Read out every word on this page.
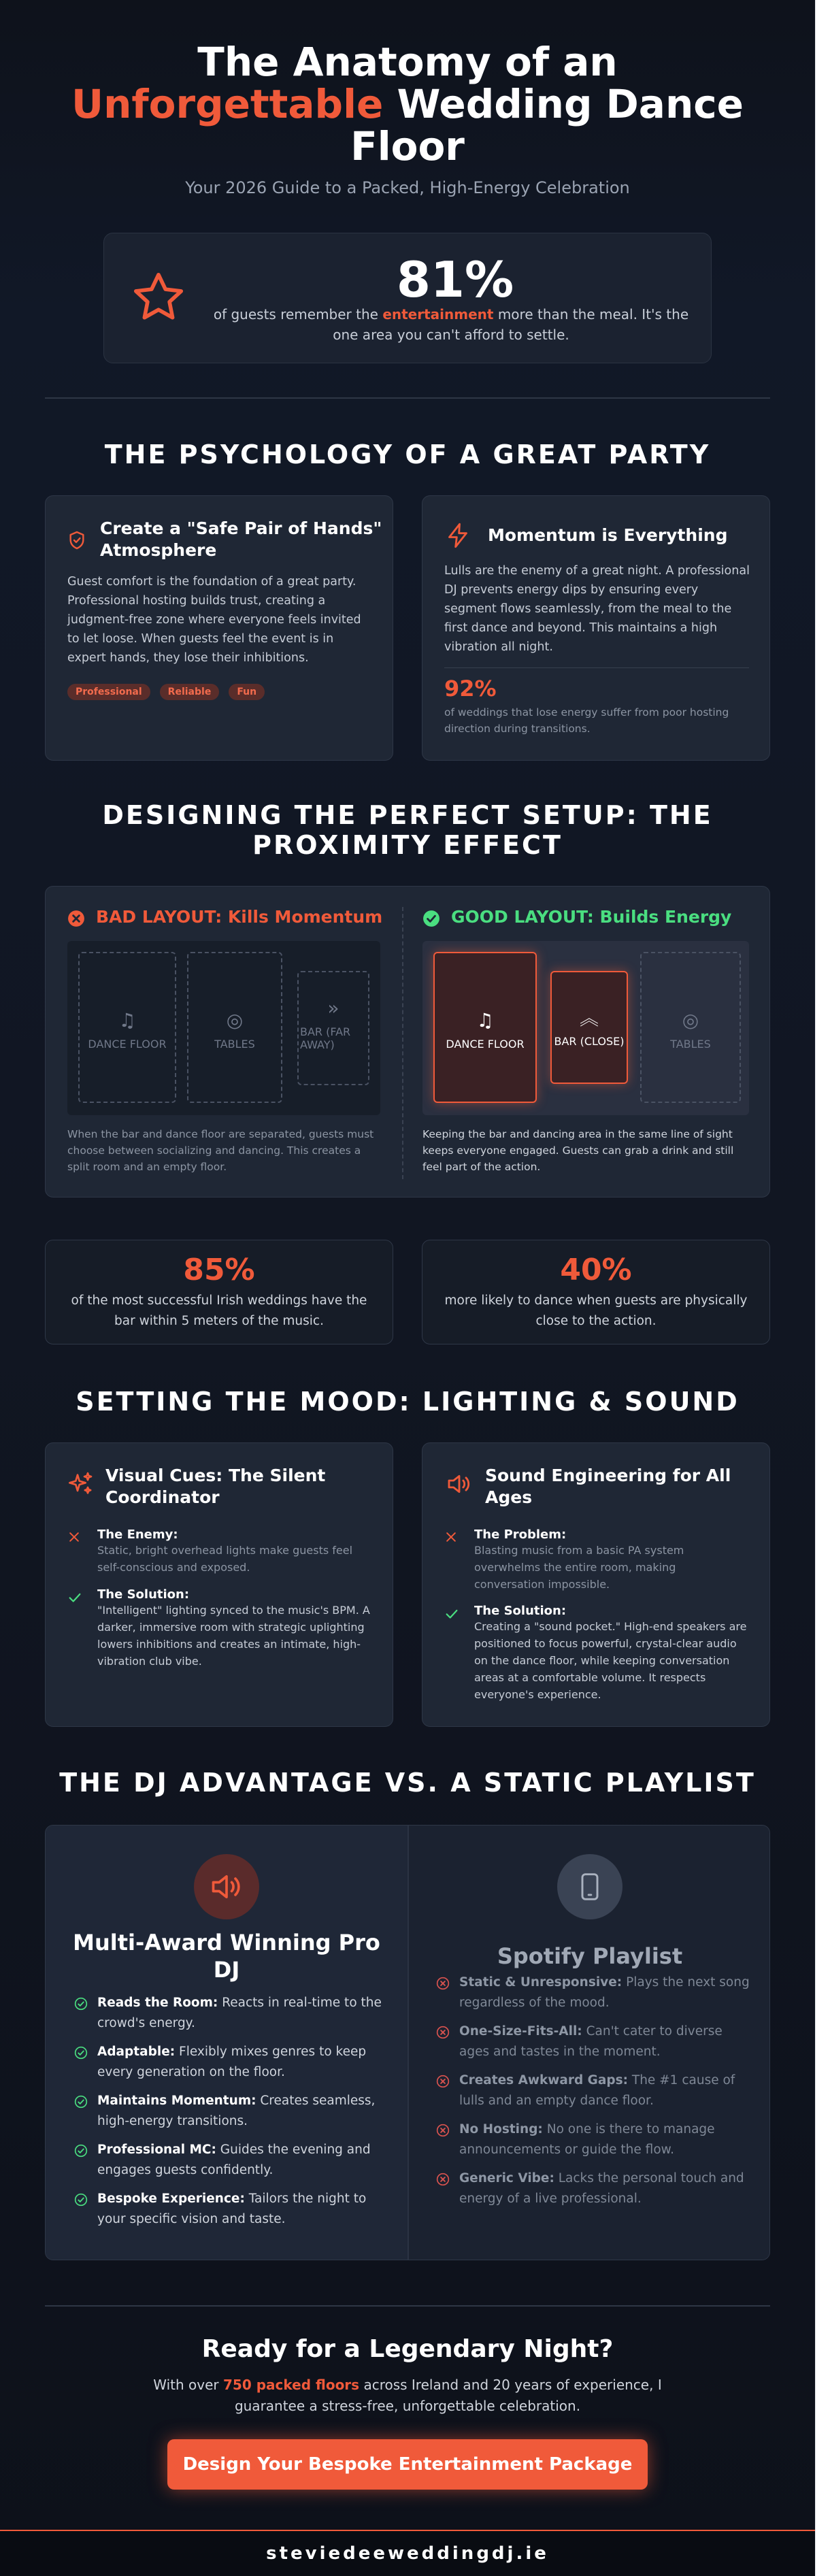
The Anatomy of an
Unforgettable Wedding Dance
Floor
Your 2026 Guide to a Packed, High-Energy Celebration
81%
of guests remember the entertainment more than the meal. It's the one area you can't afford to settle.
THE PSYCHOLOGY OF A GREAT PARTY
Create a "Safe Pair of Hands" Atmosphere
Guest comfort is the foundation of a great party. Professional hosting builds trust, creating a judgment-free zone where everyone feels invited to let loose. When guests feel the event is in expert hands, they lose their inhibitions.
Professional	Reliable	Fun
Momentum is Everything
Lulls are the enemy of a great night. A professional DJ prevents energy dips by ensuring every segment flows seamlessly, from the meal to the first dance and beyond. This maintains a high vibration all night.
92%
of weddings that lose energy suffer from poor hosting direction during transitions.
DESIGNING THE PERFECT SETUP: THE
PROXIMITY EFFECT
BAD LAYOUT: Kills Momentum
♫
DANCE FLOOR
◎
TABLES
»
BAR (FAR AWAY)
When the bar and dance floor are separated, guests must choose between socializing and dancing. This creates a split room and an empty floor.
GOOD LAYOUT: Builds Energy
♫
DANCE FLOOR
︽
BAR (CLOSE)
◎
TABLES
Keeping the bar and dancing area in the same line of sight keeps everyone engaged. Guests can grab a drink and still feel part of the action.
85%
of the most successful Irish weddings have the bar within 5 meters of the music.
40%
more likely to dance when guests are physically close to the action.
SETTING THE MOOD: LIGHTING & SOUND
Visual Cues: The Silent Coordinator
The Enemy:
Static, bright overhead lights make guests feel self-conscious and exposed.
The Solution:
"Intelligent" lighting synced to the music's BPM. A darker, immersive room with strategic uplighting lowers inhibitions and creates an intimate, high-vibration club vibe.
Sound Engineering for All Ages
The Problem:
Blasting music from a basic PA system overwhelms the entire room, making conversation impossible.
The Solution:
Creating a "sound pocket." High-end speakers are positioned to focus powerful, crystal-clear audio on the dance floor, while keeping conversation areas at a comfortable volume. It respects everyone's experience.
THE DJ ADVANTAGE VS. A STATIC PLAYLIST
Multi-Award Winning Pro DJ
Spotify Playlist
Reads the Room: Reacts in real-time to the crowd's energy.
Adaptable: Flexibly mixes genres to keep every generation on the floor.
Maintains Momentum: Creates seamless, high-energy transitions.
Professional MC: Guides the evening and engages guests confidently.
Bespoke Experience: Tailors the night to your specific vision and taste.
Static & Unresponsive: Plays the next song regardless of the mood.
One-Size-Fits-All: Can't cater to diverse ages and tastes in the moment.
Creates Awkward Gaps: The #1 cause of lulls and an empty dance floor.
No Hosting: No one is there to manage announcements or guide the flow.
Generic Vibe: Lacks the personal touch and energy of a live professional.
Ready for a Legendary Night?
With over 750 packed floors across Ireland and 20 years of experience, I guarantee a stress-free, unforgettable celebration.
Design Your Bespoke Entertainment Package
steviedeeweddingdj.ie
